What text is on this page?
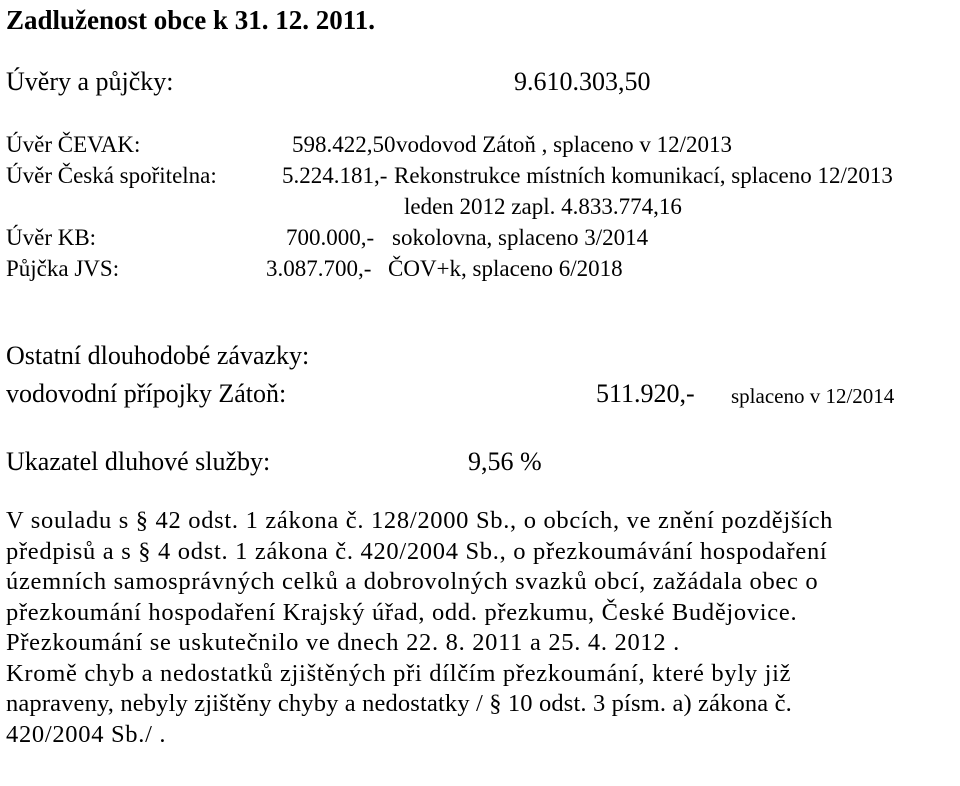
Zadluženost obce k 31. 12. 2011.
Úvěry a půjčky:	9.610.303,50
Úvěr ČEVAK:	598.422,50 vodovod Zátoň , splaceno v 12/2013
Úvěr Česká spořitelna:	5.224.181,- Rekonstrukce místních komunikací, splaceno 12/2013
leden 2012 zapl. 4.833.774,16
Úvěr KB:	700.000,- sokolovna, splaceno 3/2014
Půjčka JVS:	3.087.700,- ČOV+k, splaceno 6/2018
Ostatní dlouhodobé závazky:
vodovodní přípojky Zátoň:	511.920,- splaceno v 12/2014
Ukazatel dluhové služby:	9,56 %
V souladu s § 42 odst. 1 zákona č. 128/2000 Sb., o obcích, ve znění pozdějších
předpisů a s § 4 odst. 1 zákona č. 420/2004 Sb., o přezkoumávání hospodaření
územních samosprávných celků a dobrovolných svazků obcí, zažádala obec o
přezkoumání hospodaření Krajský úřad, odd. přezkumu, České Budějovice.
Přezkoumání se uskutečnilo ve dnech 22. 8. 2011 a 25. 4. 2012 .
Kromě chyb a nedostatků zjištěných při dílčím přezkoumání, které byly již
napraveny, nebyly zjištěny chyby a nedostatky / § 10 odst. 3 písm. a) zákona č.
420/2004 Sb./ .
